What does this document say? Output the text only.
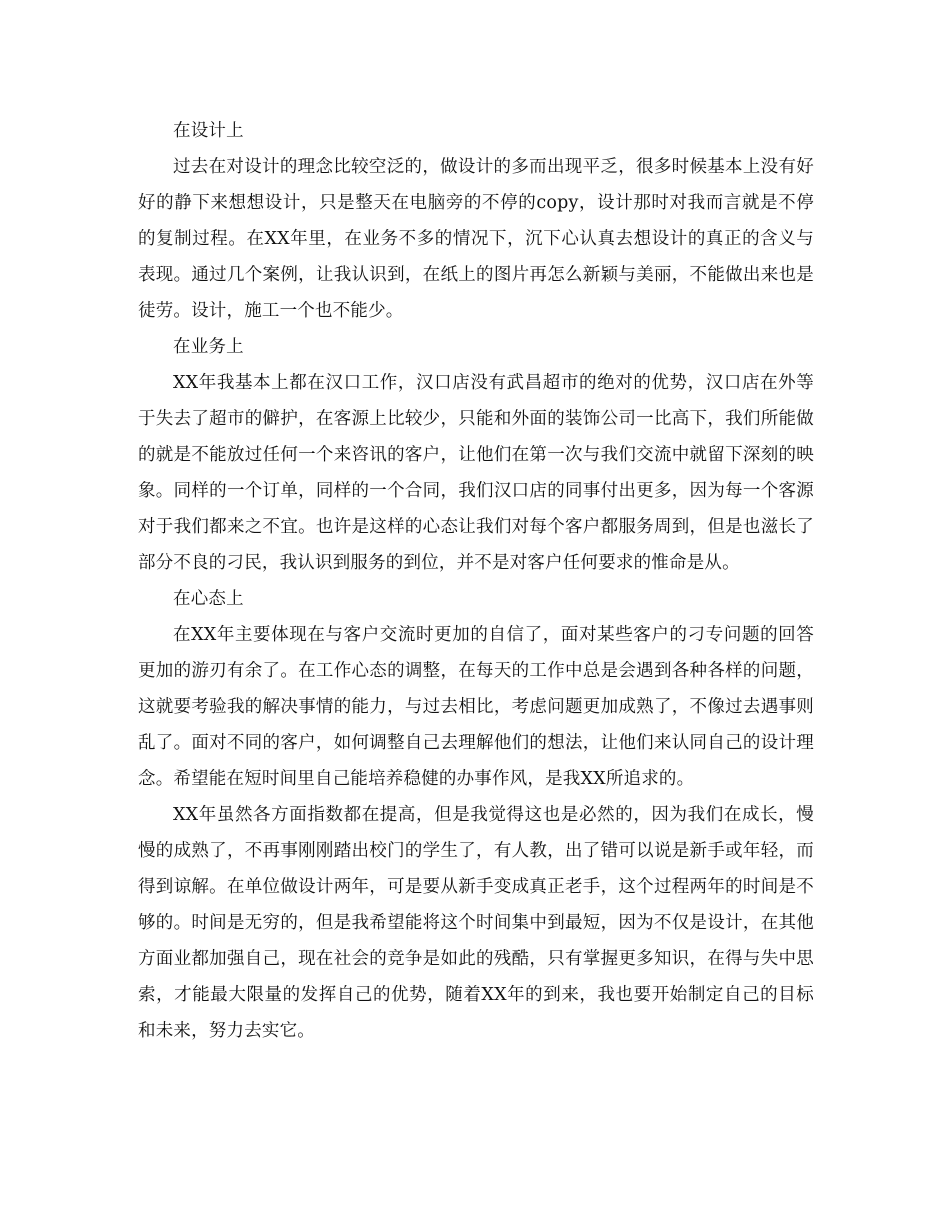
在设计上

过去在对设计的理念比较空泛的，做设计的多而出现平乏，很多时候基本上没有好好的静下来想想设计，只是整天在电脑旁的不停的copy，设计那时对我而言就是不停的复制过程。在XX年里，在业务不多的情况下，沉下心认真去想设计的真正的含义与表现。通过几个案例，让我认识到，在纸上的图片再怎么新颖与美丽，不能做出来也是徒劳。设计，施工一个也不能少。

在业务上

XX年我基本上都在汉口工作，汉口店没有武昌超市的绝对的优势，汉口店在外等于失去了超市的僻护，在客源上比较少，只能和外面的装饰公司一比高下，我们所能做的就是不能放过任何一个来咨讯的客户，让他们在第一次与我们交流中就留下深刻的映象。同样的一个订单，同样的一个合同，我们汉口店的同事付出更多，因为每一个客源对于我们都来之不宜。也许是这样的心态让我们对每个客户都服务周到，但是也滋长了部分不良的刁民，我认识到服务的到位，并不是对客户任何要求的惟命是从。

在心态上

在XX年主要体现在与客户交流时更加的自信了，面对某些客户的刁专问题的回答更加的游刃有余了。在工作心态的调整，在每天的工作中总是会遇到各种各样的问题，这就要考验我的解决事情的能力，与过去相比，考虑问题更加成熟了，不像过去遇事则乱了。面对不同的客户，如何调整自己去理解他们的想法，让他们来认同自己的设计理念。希望能在短时间里自己能培养稳健的办事作风，是我XX所追求的。

XX年虽然各方面指数都在提高，但是我觉得这也是必然的，因为我们在成长，慢慢的成熟了，不再事刚刚踏出校门的学生了，有人教，出了错可以说是新手或年轻，而得到谅解。在单位做设计两年，可是要从新手变成真正老手，这个过程两年的时间是不够的。时间是无穷的，但是我希望能将这个时间集中到最短，因为不仅是设计，在其他方面业都加强自己，现在社会的竞争是如此的残酷，只有掌握更多知识，在得与失中思索，才能最大限量的发挥自己的优势，随着XX年的到来，我也要开始制定自己的目标和未来，努力去实它。
